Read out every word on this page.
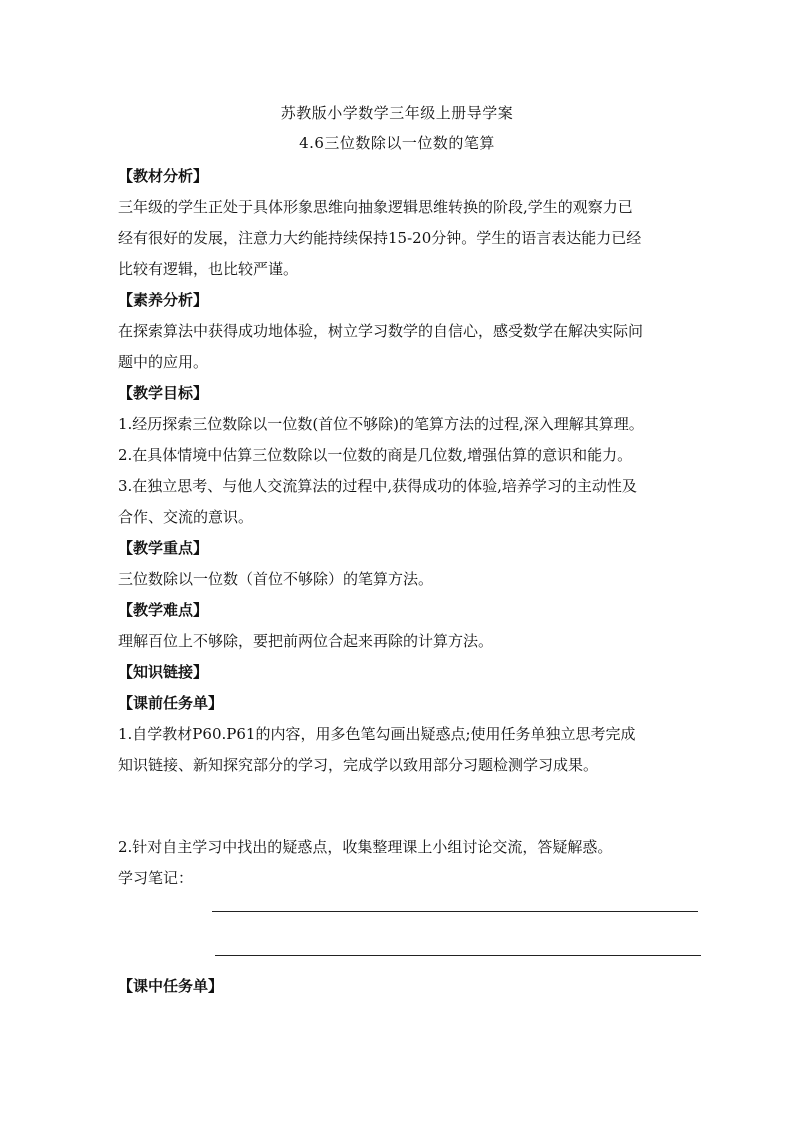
苏教版小学数学三年级上册导学案
4.6三位数除以一位数的笔算

【教材分析】

三年级的学生正处于具体形象思维向抽象逻辑思维转换的阶段,学生的观察力已

经有很好的发展，注意力大约能持续保持15-20分钟。学生的语言表达能力已经

比较有逻辑，也比较严谨。

【素养分析】

在探索算法中获得成功地体验，树立学习数学的自信心，感受数学在解决实际问

题中的应用。

【教学目标】

1.经历探索三位数除以一位数(首位不够除)的笔算方法的过程,深入理解其算理。

2.在具体情境中估算三位数除以一位数的商是几位数,增强估算的意识和能力。

3.在独立思考、与他人交流算法的过程中,获得成功的体验,培养学习的主动性及

合作、交流的意识。

【教学重点】

三位数除以一位数（首位不够除）的笔算方法。

【教学难点】

理解百位上不够除，要把前两位合起来再除的计算方法。

【知识链接】

【课前任务单】

1.自学教材P60.P61的内容，用多色笔勾画出疑惑点;使用任务单独立思考完成

知识链接、新知探究部分的学习，完成学以致用部分习题检测学习成果。

2.针对自主学习中找出的疑惑点，收集整理课上小组讨论交流，答疑解惑。

学习笔记：

【课中任务单】
